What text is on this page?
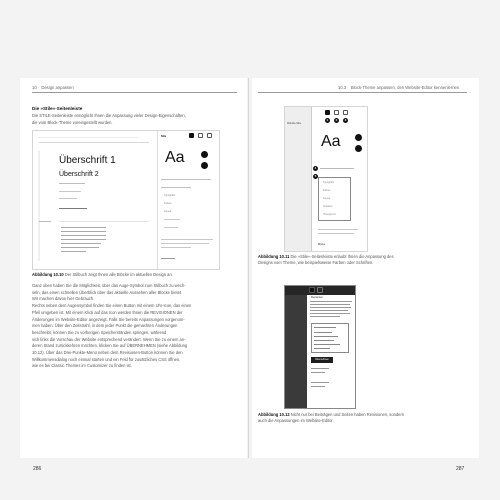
10 Design anpassen
Die »Stile«-Seitenleiste
Die STILE-Seitenleiste ermöglicht Ihnen die Anpassung vieler Design-Eigenschaften,
die vom Block-Theme voreingestellt wurden.
Überschrift 1
Überschrift 2
Stile
Aa
Typografie
Farben
Layout
Abbildung 10.10 Der Stilbuch zeigt Ihnen alle Blöcke im aktuellen Design an.
Ganz oben haben Sie die Möglichkeit, über das Auge-Symbol zum Stilbuch zu wech-
seln, das einen schnellen Überblick über das aktuelle Aussehen aller Blöcke bietet.
Wir machen davon hier Gebrauch.
Rechts neben dem Augensymbol finden Sie einen Button mit einem Uhr-Icon, das einen
Pfeil umgeben ist. Mit einem Klick auf das Icon werden Ihnen die REVISIONEN der
Änderungen im Website-Editor angezeigt. Falls Sie bereits Anpassungen vorgenom-
men haben: Über den Zeitstrahl, in dem jeder Punkt die gemachten Änderungen
beschreibt, können Sie zu vorherigen Speicherständen springen, während
sich links die Vorschau der Website entsprechend verändert. Wenn Sie zu einem an-
deren Stand zurückkehren möchten, klicken Sie auf ÜBERNEHMEN (siehe Abbildung
10.12). Über das Drei-Punkte-Menü neben dem Revisionen-Button können Sie den
Willkommensdialog noch einmal starten und ein Feld für zusätzliches CSS öffnen,
wie es bei Classic Themes im Customizer zu finden ist.
286
10.3 Block-Theme anpassen, den Website-Editor kennenlernen
Website-Stile
1	2	3
Aa
4
5
Typografie
Farben
Layout
Schatten
Hintergrund
Blöcke
Abbildung 10.11 Die »Stile«-Seitenleiste erlaubt Ihnen die Anpassung des
Designs vom Theme, wie beispielsweise Farben oder Schriften.
Revisionen
Übernehmen
Abbildung 10.12 Nicht nur bei Beiträgen und Seiten haben Revisionen, sondern
auch die Anpassungen im Website-Editor.
287
